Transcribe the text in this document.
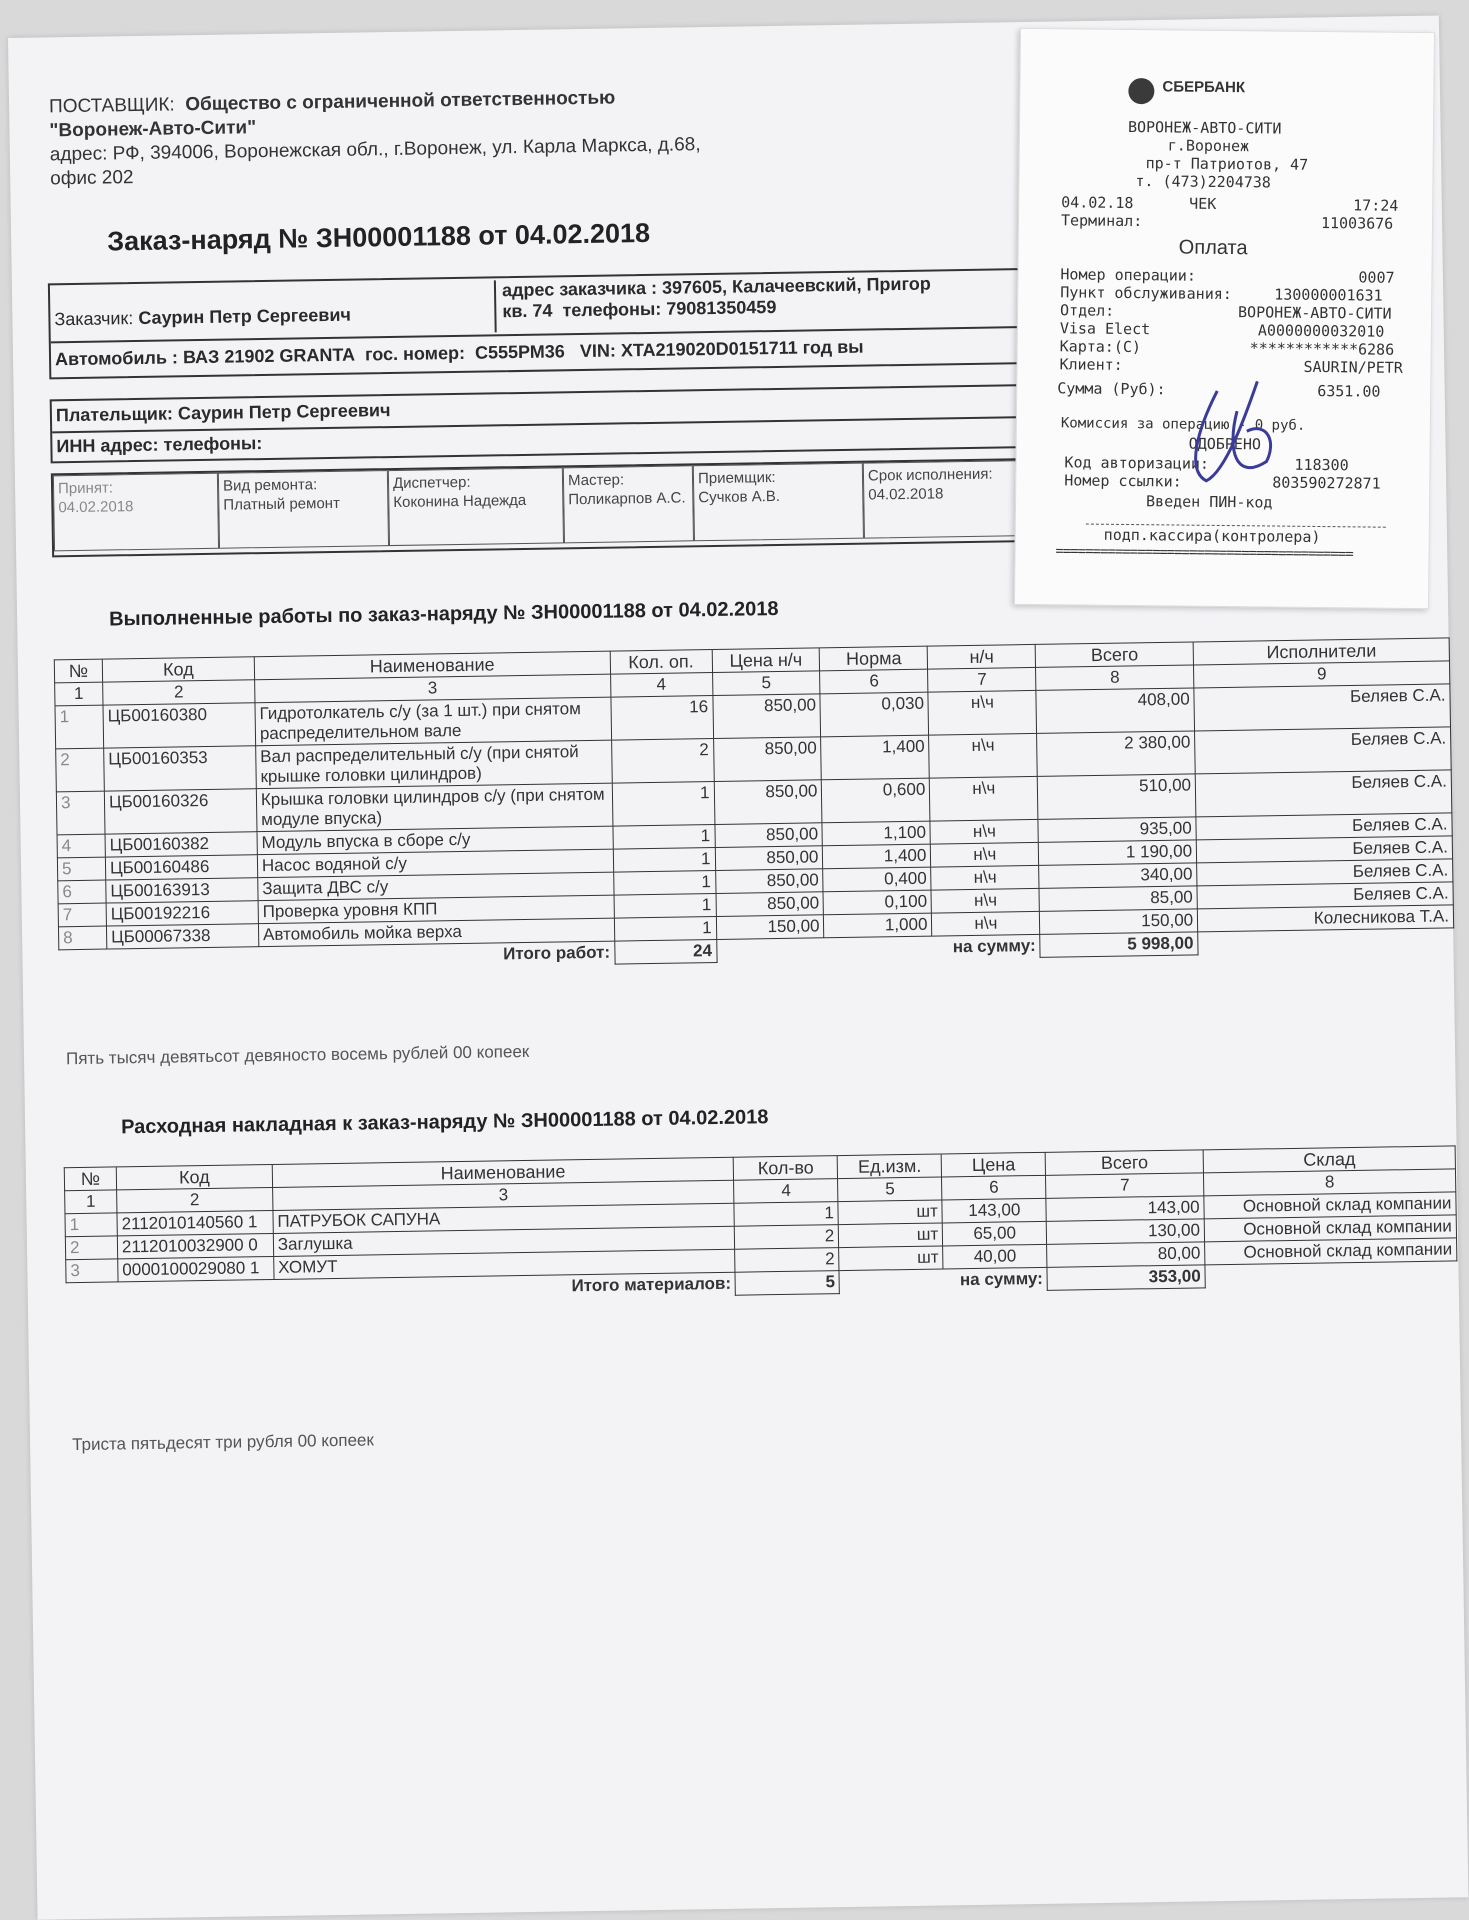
ПОСТАВЩИК: Общество с ограниченной ответственностью
"Воронеж-Авто-Сити"
адрес: РФ, 394006, Воронежская обл., г.Воронеж, ул. Карла Маркса, д.68,
офис 202
Заказ-наряд № ЗН00001188 от 04.02.2018
Заказчик: Саурин Петр Сергеевич
адрес заказчика : 397605, Калачеевский, Пригор
кв. 74 телефоны: 79081350459
Автомобиль : ВАЗ 21902 GRANTA гос. номер: С555РМ36 VIN: XTA219020D0151711 год вы
Плательщик: Саурин Петр Сергеевич
ИНН адрес: телефоны:
Принят:
04.02.2018
Вид ремонта:
Платный ремонт
Диспетчер:
Коконина Надежда
Мастер:
Поликарпов А.С.
Приемщик:
Сучков А.В.
Срок исполнения:
04.02.2018
Выполненные работы по заказ-наряду № ЗН00001188 от 04.02.2018
№	Код	Наименование	Кол. оп.	Цена н/ч	Норма	н/ч	Всего	Исполнители
1	2	3	4	5	6	7	8	9
1	ЦБ00160380	Гидротолкатель с/у (за 1 шт.) при снятом распределительном вале	16	850,00	0,030	н\ч	408,00	Беляев С.А.
2	ЦБ00160353	Вал распределительный с/у (при снятой крышке головки цилиндров)	2	850,00	1,400	н\ч	2 380,00	Беляев С.А.
3	ЦБ00160326	Крышка головки цилиндров с/у (при снятом модуле впуска)	1	850,00	0,600	н\ч	510,00	Беляев С.А.
4	ЦБ00160382	Модуль впуска в сборе с/у	1	850,00	1,100	н\ч	935,00	Беляев С.А.
5	ЦБ00160486	Насос водяной с/у	1	850,00	1,400	н\ч	1 190,00	Беляев С.А.
6	ЦБ00163913	Защита ДВС с/у	1	850,00	0,400	н\ч	340,00	Беляев С.А.
7	ЦБ00192216	Проверка уровня КПП	1	850,00	0,100	н\ч	85,00	Беляев С.А.
8	ЦБ00067338	Автомобиль мойка верха	1	150,00	1,000	н\ч	150,00	Колесникова Т.А.
Итого работ:			24	на сумму:			5 998,00	
Пять тысяч девятьсот девяносто восемь рублей 00 копеек
Расходная накладная к заказ-наряду № ЗН00001188 от 04.02.2018
№	Код	Наименование	Кол-во	Ед.изм.	Цена	Всего	Склад
1	2	3	4	5	6	7	8
1	2112010140560 1	ПАТРУБОК САПУНА	1	шт	143,00	143,00	Основной склад компании
2	2112010032900 0	Заглушка	2	шт	65,00	130,00	Основной склад компании
3	0000100029080 1	ХОМУТ	2	шт	40,00	80,00	Основной склад компании
Итого материалов:			5	на сумму:		353,00	
Триста пятьдесят три рубля 00 копеек
СБЕРБАНК
ВОРОНЕЖ-АВТО-СИТИ
г.Воронеж
пр-т Патриотов, 47
т. (473)2204738
04.02.18	ЧЕК	17:24
Терминал:	11003676
Оплата
Номер операции:	0007
Пункт обслуживания:	130000001631
Отдел:	ВОРОНЕЖ-АВТО-СИТИ
Visa Elect	A0000000032010
Карта:(С)	************6286
Клиент:	SAURIN/PETR
Сумма (Руб):	6351.00
Комиссия за операцию - 0 руб.
ОДОБРЕНО
Код авторизации:	118300
Номер ссылки:	803590272871
Введен ПИН-код
подп.кассира(контролера)
========================================
